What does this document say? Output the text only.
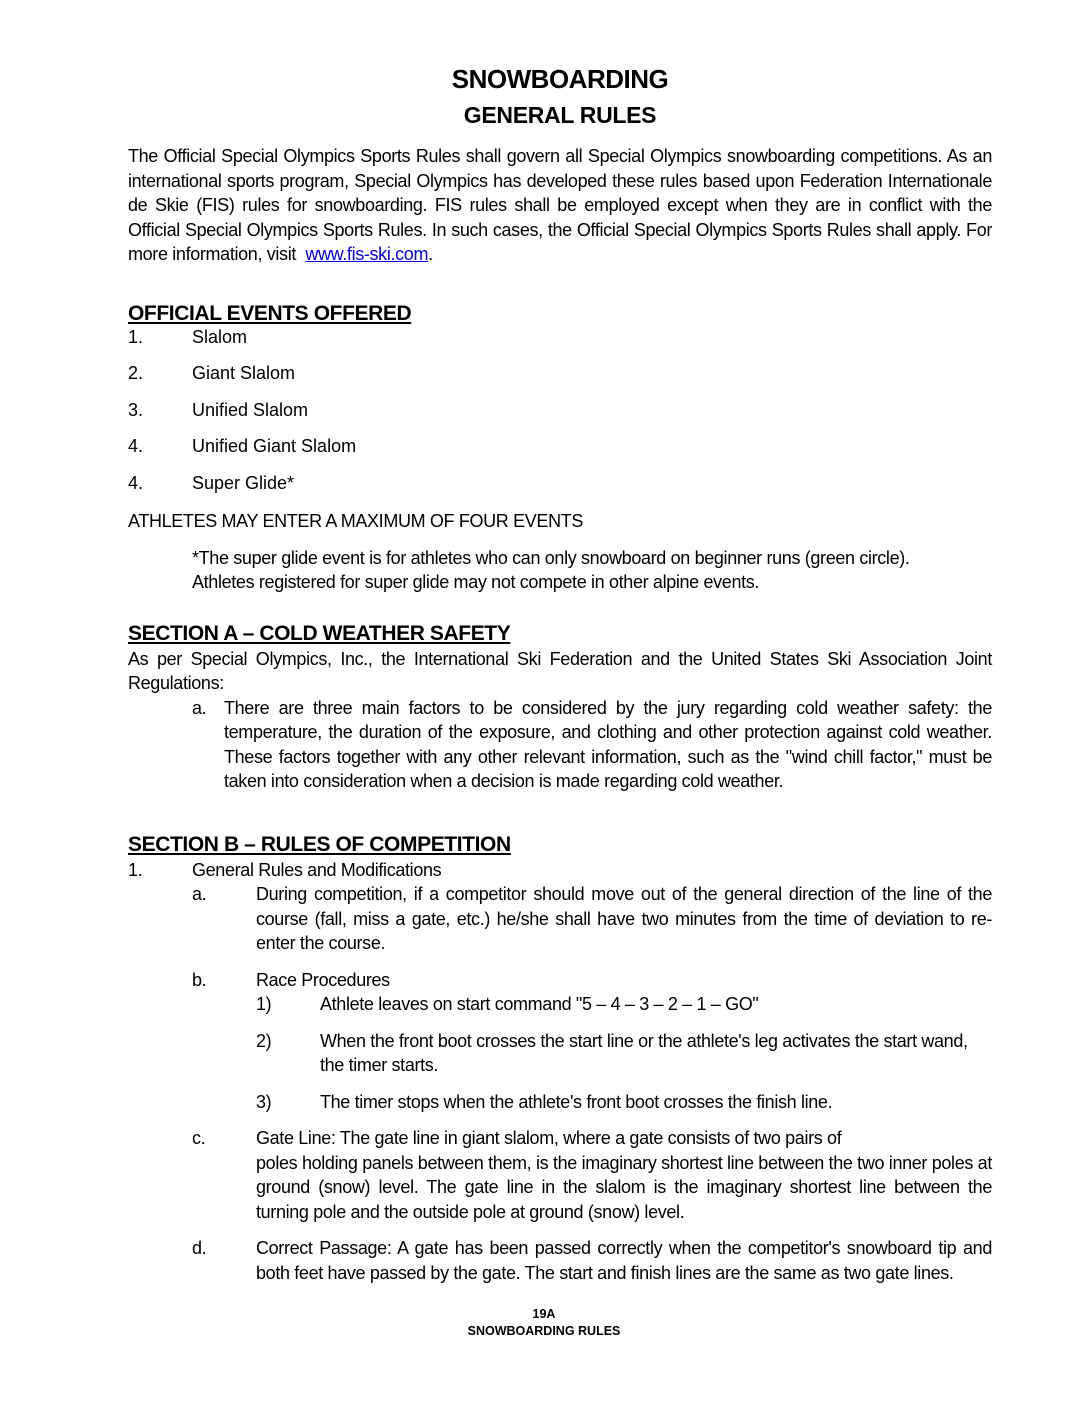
SNOWBOARDING
GENERAL RULES

The Official Special Olympics Sports Rules shall govern all Special Olympics snowboarding competitions. As an international sports program, Special Olympics has developed these rules based upon Federation Internationale de Skie (FIS) rules for snowboarding. FIS rules shall be employed except when they are in conflict with the Official Special Olympics Sports Rules. In such cases, the Official Special Olympics Sports Rules shall apply. For more information, visit www.fis-ski.com.

OFFICIAL EVENTS OFFERED
1.	Slalom
2.	Giant Slalom
3.	Unified Slalom
4.	Unified Giant Slalom
4.	Super Glide*

ATHLETES MAY ENTER A MAXIMUM OF FOUR EVENTS

*The super glide event is for athletes who can only snowboard on beginner runs (green circle).

Athletes registered for super glide may not compete in other alpine events.

SECTION A – COLD WEATHER SAFETY

As per Special Olympics, Inc., the International Ski Federation and the United States Ski Association Joint Regulations:

a. There are three main factors to be considered by the jury regarding cold weather safety: the temperature, the duration of the exposure, and clothing and other protection against cold weather. These factors together with any other relevant information, such as the "wind chill factor," must be taken into consideration when a decision is made regarding cold weather.
SECTION B – RULES OF COMPETITION
1.	General Rules and Modifications
a.	During competition, if a competitor should move out of the general direction of the line of the course (fall, miss a gate, etc.) he/she shall have two minutes from the time of deviation to re-enter the course.
b.	Race Procedures
1)	Athlete leaves on start command "5 – 4 – 3 – 2 – 1 – GO"
2)	When the front boot crosses the start line or the athlete's leg activates the start wand, the timer starts.
3)	The timer stops when the athlete's front boot crosses the finish line.
c.	Gate Line: The gate line in giant slalom, where a gate consists of two pairs of
poles holding panels between them, is the imaginary shortest line between the two inner poles at ground (snow) level. The gate line in the slalom is the imaginary shortest line between the turning pole and the outside pole at ground (snow) level.
d.	Correct Passage: A gate has been passed correctly when the competitor's snowboard tip and both feet have passed by the gate. The start and finish lines are the same as two gate lines.
19A
SNOWBOARDING RULES
